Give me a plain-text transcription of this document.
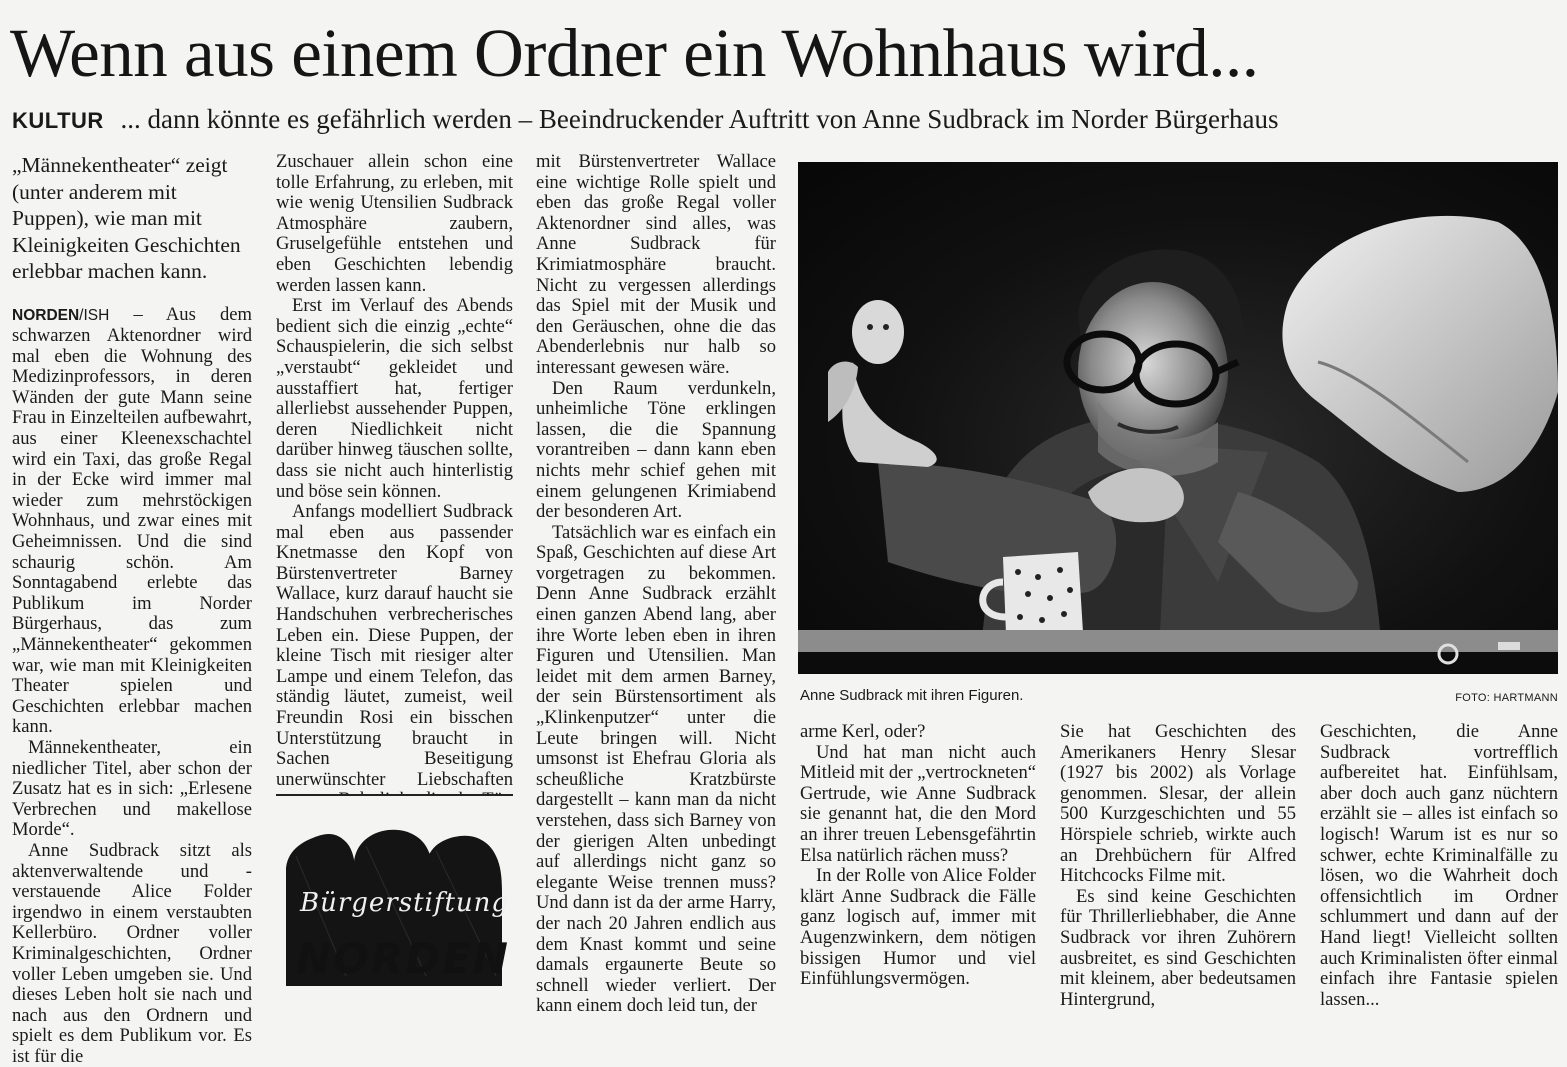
Wenn aus einem Ordner ein Wohnhaus wird...
KULTUR ... dann könnte es gefährlich werden – Beeindruckender Auftritt von Anne Sudbrack im Norder Bürgerhaus

„Männekentheater“ zeigt (unter anderem mit Puppen), wie man mit Kleinigkeiten Geschichten erlebbar machen kann.

NORDEN/ISH – Aus dem schwarzen Aktenordner wird mal eben die Wohnung des Medizinprofessors, in deren Wänden der gute Mann seine Frau in Einzelteilen aufbewahrt, aus einer Kleenexschachtel wird ein Taxi, das große Regal in der Ecke wird immer mal wieder zum mehrstöckigen Wohnhaus, und zwar eines mit Geheimnissen. Und die sind schaurig schön. Am Sonntagabend erlebte das Publikum im Norder Bürgerhaus, das zum „Männekentheater“ gekommen war, wie man mit Kleinigkeiten Theater spielen und Geschichten erlebbar machen kann.

Männekentheater, ein niedlicher Titel, aber schon der Zusatz hat es in sich: „Erlesene Verbrechen und makellose Morde“.

Anne Sudbrack sitzt als aktenverwaltende und -verstauende Alice Folder irgendwo in einem verstaubten Kellerbüro. Ordner voller Kriminalgeschichten, Ordner voller Leben umgeben sie. Und dieses Leben holt sie nach und nach aus den Ordnern und spielt es dem Publikum vor. Es ist für die

Zuschauer allein schon eine tolle Erfahrung, zu erleben, mit wie wenig Utensilien Sudbrack Atmosphäre zaubern, Gruselgefühle entstehen und eben Geschichten lebendig werden lassen kann.

Erst im Verlauf des Abends bedient sich die einzig „echte“ Schauspielerin, die sich selbst „verstaubt“ gekleidet und ausstaffiert hat, fertiger allerliebst aussehender Puppen, deren Niedlichkeit nicht darüber hinweg täuschen sollte, dass sie nicht auch hinterlistig und böse sein können.

Anfangs modelliert Sudbrack mal eben aus passender Knetmasse den Kopf von Bürstenvertreter Barney Wallace, kurz darauf haucht sie Handschuhen verbrecherisches Leben ein. Diese Puppen, der kleine Tisch mit riesiger alter Lampe und einem Telefon, das ständig läutet, zumeist, weil Freundin Rosi ein bisschen Unterstützung braucht in Sachen Beseitigung unerwünschter Liebschaften

Bürgerstiftung
NORDEN

mit Bürstenvertreter Wallace eine wichtige Rolle spielt und eben das große Regal voller Aktenordner sind alles, was Anne Sudbrack für Krimiatmosphäre braucht. Nicht zu vergessen allerdings das Spiel mit der Musik und den Geräuschen, ohne die das Abenderlebnis nur halb so interessant gewesen wäre.

Den Raum verdunkeln, unheimliche Töne erklingen lassen, die die Spannung vorantreiben – dann kann eben nichts mehr schief gehen mit einem gelungenen Krimiabend der besonderen Art.

Tatsächlich war es einfach ein Spaß, Geschichten auf diese Art vorgetragen zu bekommen. Denn Anne Sudbrack erzählt einen ganzen Abend lang, aber ihre Worte leben eben in ihren Figuren und Utensilien. Man leidet mit dem armen Barney, der sein Bürstensortiment als „Klinkenputzer“ unter die Leute bringen will. Nicht umsonst ist Ehefrau Gloria als scheußliche Kratzbürste dargestellt – kann man da nicht verstehen, dass sich Barney von der gierigen Alten unbedingt auf allerdings nicht ganz so elegante Weise trennen muss? Und dann ist da der arme Harry, der nach 20 Jahren endlich aus dem Knast kommt und seine damals ergaunerte Beute so schnell wieder verliert. Der kann einem doch leid tun, der

Anne Sudbrack mit ihren Figuren.	FOTO: HARTMANN

arme Kerl, oder?

Und hat man nicht auch Mitleid mit der „vertrockneten“ Gertrude, wie Anne Sudbrack sie genannt hat, die den Mord an ihrer treuen Lebensgefährtin Elsa natürlich rächen muss?

In der Rolle von Alice Folder klärt Anne Sudbrack die Fälle ganz logisch auf, immer mit Augenzwinkern, dem nötigen bissigen Humor und viel Einfühlungsvermögen.

Sie hat Geschichten des Amerikaners Henry Slesar (1927 bis 2002) als Vorlage genommen. Slesar, der allein 500 Kurzgeschichten und 55 Hörspiele schrieb, wirkte auch an Drehbüchern für Alfred Hitchcocks Filme mit.

Es sind keine Geschichten für Thrillerliebhaber, die Anne Sudbrack vor ihren Zuhörern ausbreitet, es sind Geschichten mit kleinem, aber bedeutsamen Hintergrund,

Geschichten, die Anne Sudbrack vortrefflich aufbereitet hat. Einfühlsam, aber doch auch ganz nüchtern erzählt sie – alles ist einfach so logisch! Warum ist es nur so schwer, echte Kriminalfälle zu lösen, wo die Wahrheit doch offensichtlich im Ordner schlummert und dann auf der Hand liegt! Vielleicht sollten auch Kriminalisten öfter einmal einfach ihre Fantasie spielen lassen...
